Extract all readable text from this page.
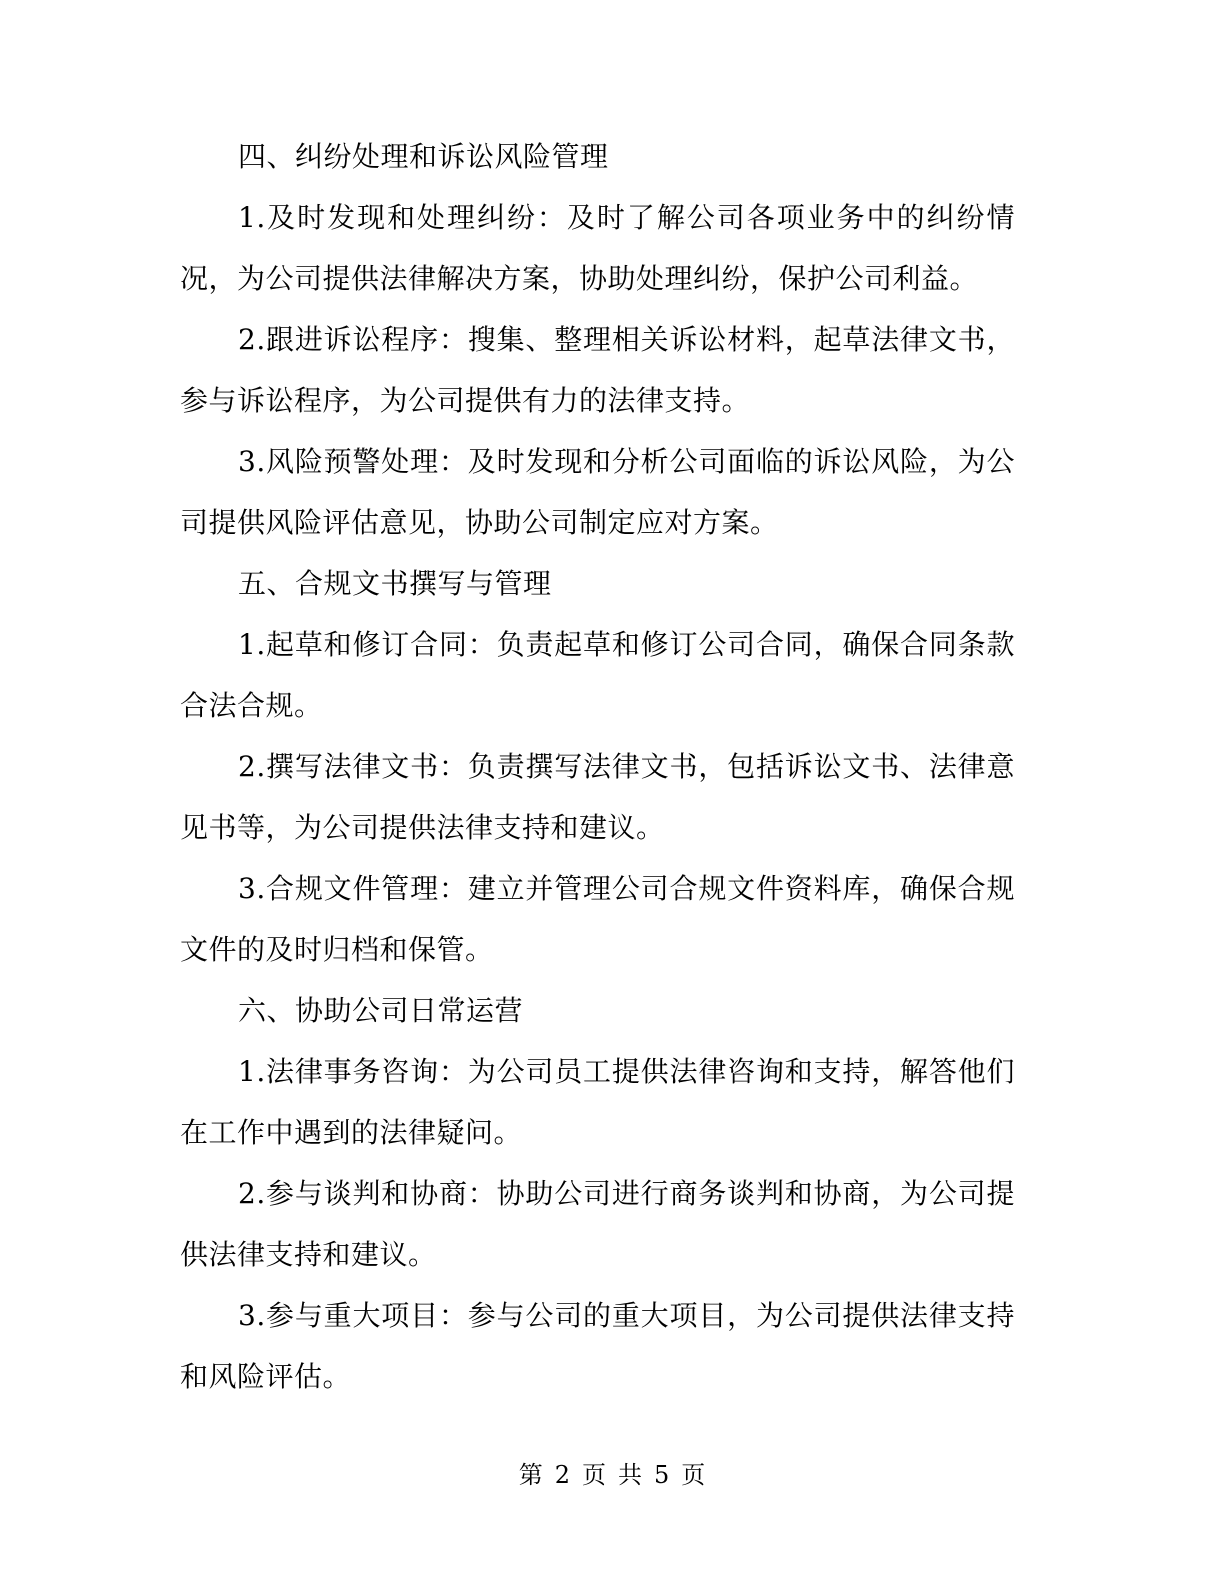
四、纠纷处理和诉讼风险管理

1.及时发现和处理纠纷：及时了解公司各项业务中的纠纷情况，为公司提供法律解决方案，协助处理纠纷，保护公司利益。

2.跟进诉讼程序：搜集、整理相关诉讼材料，起草法律文书，参与诉讼程序，为公司提供有力的法律支持。

3.风险预警处理：及时发现和分析公司面临的诉讼风险，为公司提供风险评估意见，协助公司制定应对方案。

五、合规文书撰写与管理

1.起草和修订合同：负责起草和修订公司合同，确保合同条款合法合规。

2.撰写法律文书：负责撰写法律文书，包括诉讼文书、法律意见书等，为公司提供法律支持和建议。

3.合规文件管理：建立并管理公司合规文件资料库，确保合规文件的及时归档和保管。

六、协助公司日常运营

1.法律事务咨询：为公司员工提供法律咨询和支持，解答他们在工作中遇到的法律疑问。

2.参与谈判和协商：协助公司进行商务谈判和协商，为公司提供法律支持和建议。

3.参与重大项目：参与公司的重大项目，为公司提供法律支持和风险评估。

第 2 页 共 5 页
